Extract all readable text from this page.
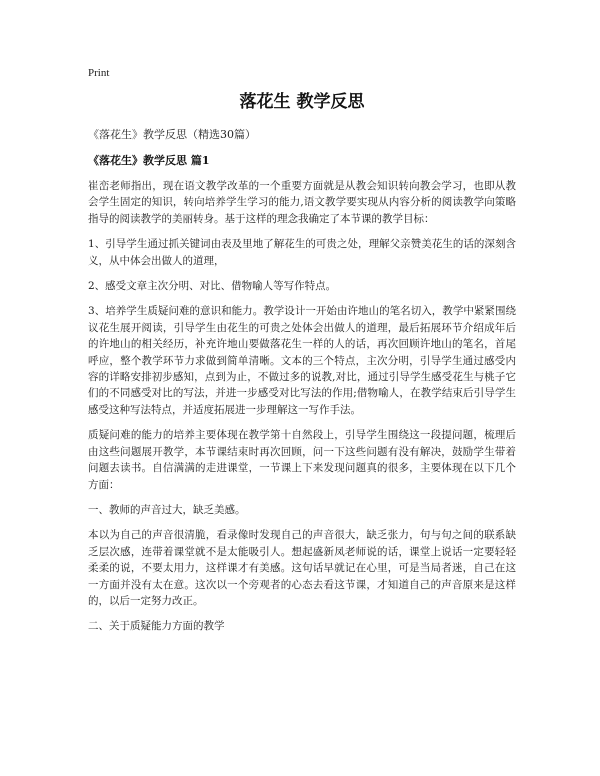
Print
落花生 教学反思
《落花生》教学反思（精选30篇）
《落花生》教学反思 篇1

崔峦老师指出，现在语文教学改革的一个重要方面就是从教会知识转向教会学习，也即从教会学生固定的知识，转向培养学生学习的能力,语文教学要实现从内容分析的阅读教学向策略指导的阅读教学的美丽转身。基于这样的理念我确定了本节课的教学目标：

1、引导学生通过抓关键词由表及里地了解花生的可贵之处，理解父亲赞美花生的话的深刻含义，从中体会出做人的道理，

2、感受文章主次分明、对比、借物喻人等写作特点。

3、培养学生质疑问难的意识和能力。教学设计一开始由许地山的笔名切入，教学中紧紧围绕议花生展开阅读，引导学生由花生的可贵之处体会出做人的道理，最后拓展环节介绍成年后的许地山的相关经历，补充许地山要做落花生一样的人的话，再次回顾许地山的笔名，首尾呼应，整个教学环节力求做到简单清晰。文本的三个特点，主次分明，引导学生通过感受内容的详略安排初步感知，点到为止，不做过多的说教,对比，通过引导学生感受花生与桃子它们的不同感受对比的写法，并进一步感受对比写法的作用;借物喻人，在教学结束后引导学生感受这种写法特点，并适度拓展进一步理解这一写作手法。

质疑问难的能力的培养主要体现在教学第十自然段上，引导学生围绕这一段提问题，梳理后由这些问题展开教学，本节课结束时再次回顾，问一下这些问题有没有解决，鼓励学生带着问题去读书。自信满满的走进课堂，一节课上下来发现问题真的很多，主要体现在以下几个方面：

一、教师的声音过大，缺乏美感。

本以为自己的声音很清脆，看录像时发现自己的声音很大，缺乏张力，句与句之间的联系缺乏层次感，连带着课堂就不是太能吸引人。想起盛新凤老师说的话，课堂上说话一定要轻轻柔柔的说，不要太用力，这样课才有美感。这句话早就记在心里，可是当局者迷，自己在这一方面并没有太在意。这次以一个旁观者的心态去看这节课，才知道自己的声音原来是这样的，以后一定努力改正。

二、关于质疑能力方面的教学
